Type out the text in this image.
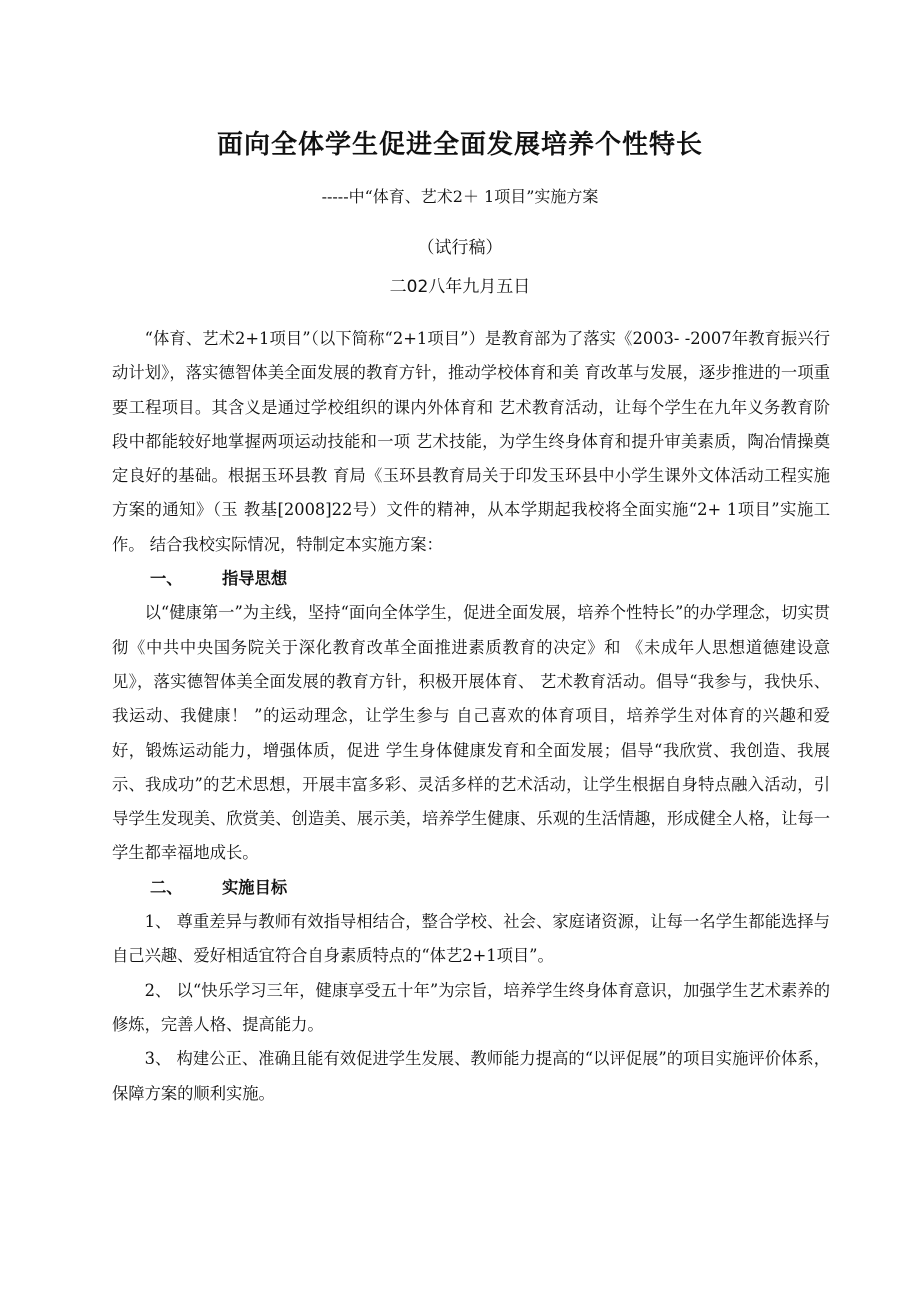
面向全体学生促进全面发展培养个性特长
-----中“体育、艺术2＋ 1项目”实施方案
（试行稿）
二02八年九月五日

“体育、艺术2+1项目”（以下简称“2+1项目”）是教育部为了落实《2003- -2007年教育振兴行动计划》，落实德智体美全面发展的教育方针，推动学校体育和美 育改革与发展，逐步推进的一项重要工程项目。其含义是通过学校组织的课内外体育和 艺术教育活动，让每个学生在九年义务教育阶段中都能较好地掌握两项运动技能和一项 艺术技能，为学生终身体育和提升审美素质，陶冶情操奠定良好的基础。根据玉环县教 育局《玉环县教育局关于印发玉环县中小学生课外文体活动工程实施方案的通知》（玉 教基[2008]22号）文件的精神，从本学期起我校将全面实施“2+ 1项目”实施工作。 结合我校实际情况，特制定本实施方案：

一、 指导思想

以“健康第一”为主线，坚持“面向全体学生，促进全面发展，培养个性特长”的办学理念，切实贯彻《中共中央国务院关于深化教育改革全面推进素质教育的决定》和 《未成年人思想道德建设意见》，落实德智体美全面发展的教育方针，积极开展体育、 艺术教育活动。倡导“我参与，我快乐、我运动、我健康！ ”的运动理念，让学生参与 自己喜欢的体育项目，培养学生对体育的兴趣和爱好，锻炼运动能力，增强体质，促进 学生身体健康发育和全面发展；倡导“我欣赏、我创造、我展示、我成功”的艺术思想，开展丰富多彩、灵活多样的艺术活动，让学生根据自身特点融入活动，引导学生发现美、欣赏美、创造美、展示美，培养学生健康、乐观的生活情趣，形成健全人格，让每一学生都幸福地成长。

二、 实施目标

1、 尊重差异与教师有效指导相结合，整合学校、社会、家庭诸资源，让每一名学生都能选择与自己兴趣、爱好相适宜符合自身素质特点的“体艺2+1项目”。

2、 以“快乐学习三年，健康享受五十年”为宗旨，培养学生终身体育意识，加强学生艺术素养的修炼，完善人格、提高能力。

3、 构建公正、准确且能有效促进学生发展、教师能力提高的“以评促展”的项目实施评价体系，保障方案的顺利实施。
